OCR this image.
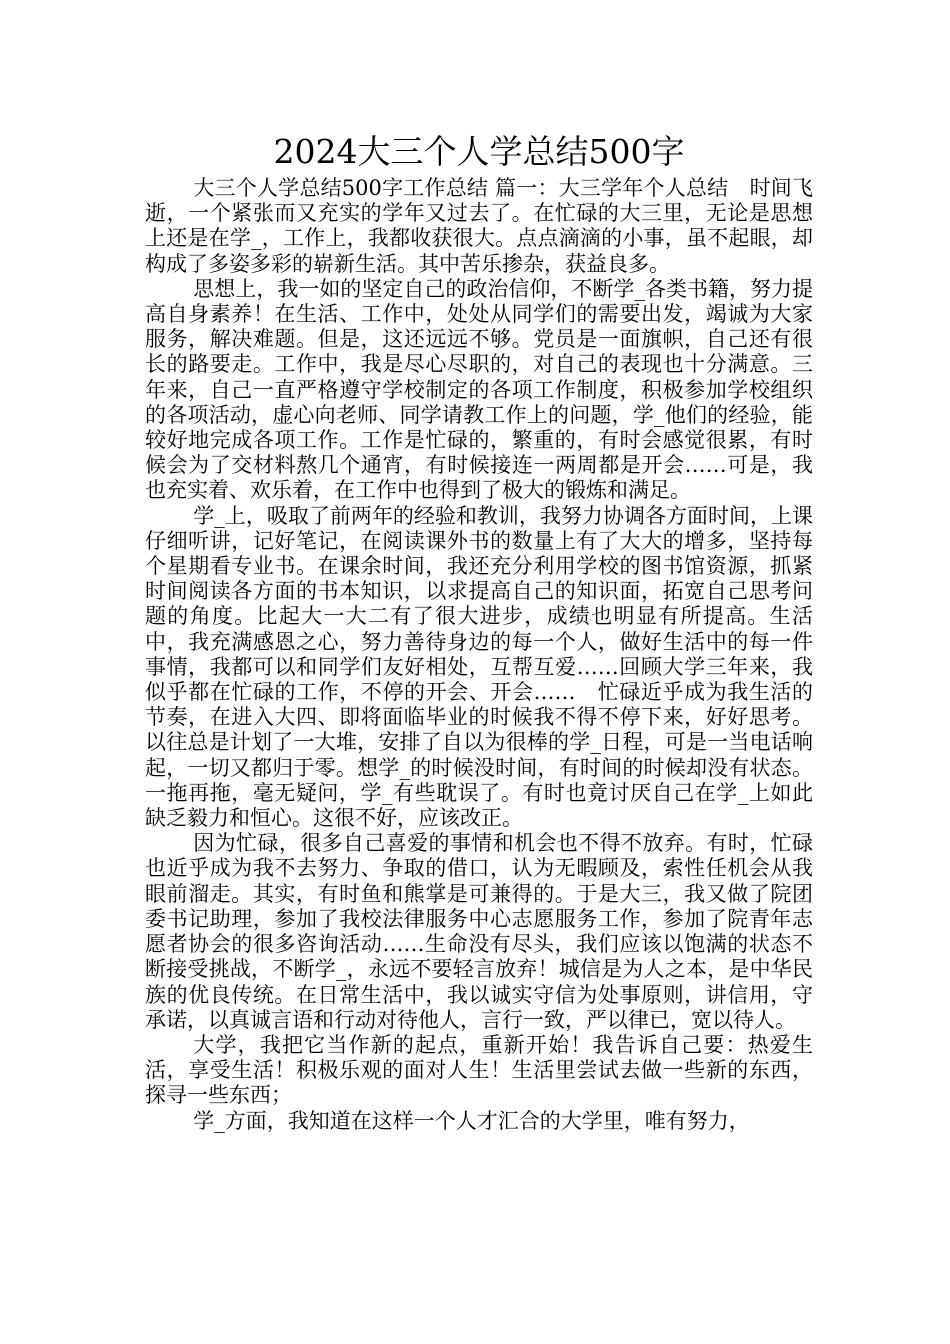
2024大三个人学总结500字

大三个人学总结500字工作总结 篇一：大三学年个人总结　时间飞逝，一个紧张而又充实的学年又过去了。在忙碌的大三里，无论是思想上还是在学_，工作上，我都收获很大。点点滴滴的小事，虽不起眼，却构成了多姿多彩的崭新生活。其中苦乐掺杂，获益良多。

思想上，我一如的坚定自己的政治信仰，不断学_各类书籍，努力提高自身素养！在生活、工作中，处处从同学们的需要出发，竭诚为大家服务，解决难题。但是，这还远远不够。党员是一面旗帜，自己还有很长的路要走。工作中，我是尽心尽职的，对自己的表现也十分满意。三年来，自己一直严格遵守学校制定的各项工作制度，积极参加学校组织的各项活动，虚心向老师、同学请教工作上的问题，学_他们的经验，能较好地完成各项工作。工作是忙碌的，繁重的，有时会感觉很累，有时候会为了交材料熬几个通宵，有时候接连一两周都是开会……可是，我也充实着、欢乐着，在工作中也得到了极大的锻炼和满足。

学_上，吸取了前两年的经验和教训，我努力协调各方面时间，上课仔细听讲，记好笔记，在阅读课外书的数量上有了大大的增多，坚持每个星期看专业书。在课余时间，我还充分利用学校的图书馆资源，抓紧时间阅读各方面的书本知识，以求提高自己的知识面，拓宽自己思考问题的角度。比起大一大二有了很大进步，成绩也明显有所提高。生活中，我充满感恩之心，努力善待身边的每一个人，做好生活中的每一件事情，我都可以和同学们友好相处，互帮互爱……回顾大学三年来，我似乎都在忙碌的工作，不停的开会、开会……　忙碌近乎成为我生活的节奏，在进入大四、即将面临毕业的时候我不得不停下来，好好思考。以往总是计划了一大堆，安排了自以为很棒的学_日程，可是一当电话响起，一切又都归于零。想学_的时候没时间，有时间的时候却没有状态。一拖再拖，毫无疑问，学_有些耽误了。有时也竟讨厌自己在学_上如此缺乏毅力和恒心。这很不好，应该改正。

因为忙碌，很多自己喜爱的事情和机会也不得不放弃。有时，忙碌也近乎成为我不去努力、争取的借口，认为无暇顾及，索性任机会从我眼前溜走。其实，有时鱼和熊掌是可兼得的。于是大三，我又做了院团委书记助理，参加了我校法律服务中心志愿服务工作，参加了院青年志愿者协会的很多咨询活动……生命没有尽头，我们应该以饱满的状态不断接受挑战，不断学_，永远不要轻言放弃！城信是为人之本，是中华民族的优良传统。在日常生活中，我以诚实守信为处事原则，讲信用，守承诺，以真诚言语和行动对待他人，言行一致，严以律已，宽以待人。

大学，我把它当作新的起点，重新开始！我告诉自己要：热爱生活，享受生活！积极乐观的面对人生！生活里尝试去做一些新的东西，探寻一些东西；

学_方面，我知道在这样一个人才汇合的大学里，唯有努力，
